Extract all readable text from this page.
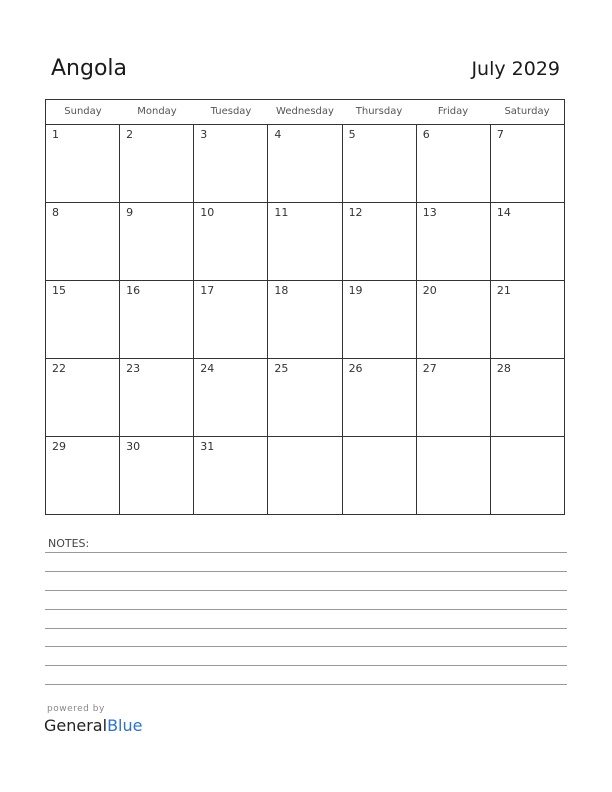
Angola	July 2029
Sunday	Monday	Tuesday	Wednesday	Thursday	Friday	Saturday
1	2	3	4	5	6	7
8	9	10	11	12	13	14
15	16	17	18	19	20	21
22	23	24	25	26	27	28
29	30	31
NOTES:
powered by
GeneralBlue
